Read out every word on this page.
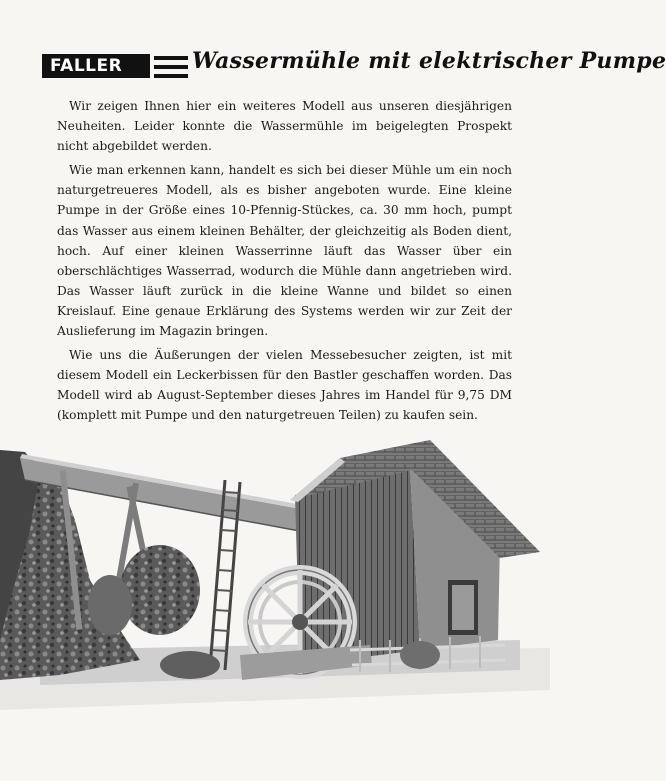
FALLER	Wassermühle mit elektrischer Pumpe

Wir zeigen Ihnen hier ein weiteres Modell aus unseren diesjährigen Neuheiten. Leider konnte die Wassermühle im beigelegten Prospekt nicht abgebildet werden.

Wie man erkennen kann, handelt es sich bei dieser Mühle um ein noch naturgetreueres Modell, als es bisher angeboten wurde. Eine kleine Pumpe in der Größe eines 10-Pfennig-Stückes, ca. 30 mm hoch, pumpt das Wasser aus einem kleinen Behälter, der gleichzeitig als Boden dient, hoch. Auf einer kleinen Wasserrinne läuft das Wasser über ein oberschlächtiges Wasserrad, wodurch die Mühle dann angetrieben wird. Das Wasser läuft zurück in die kleine Wanne und bildet so einen Kreislauf. Eine genaue Erklärung des Systems werden wir zur Zeit der Auslieferung im Magazin bringen.

Wie uns die Äußerungen der vielen Messebesucher zeigten, ist mit diesem Modell ein Leckerbissen für den Bastler geschaffen worden. Das Modell wird ab August-September dieses Jahres im Handel für 9,75 DM (komplett mit Pumpe und den naturgetreuen Teilen) zu kaufen sein.
